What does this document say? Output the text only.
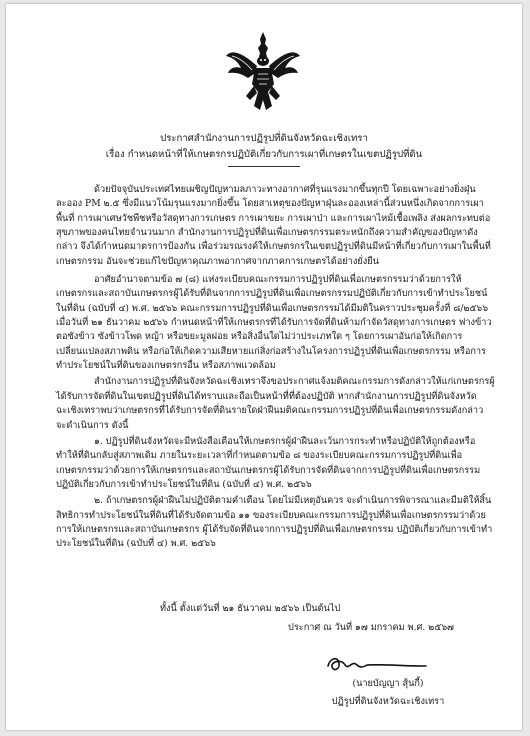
ประกาศสำนักงานการปฏิรูปที่ดินจังหวัดฉะเชิงเทรา
เรื่อง กำหนดหน้าที่ให้เกษตรกรปฏิบัติเกี่ยวกับการเผาที่เกษตรในเขตปฏิรูปที่ดิน

ด้วยปัจจุบันประเทศไทยเผชิญปัญหามลภาวะทางอากาศที่รุนแรงมากขึ้นทุกปี โดยเฉพาะอย่างยิ่งฝุ่นละออง PM ๒.๕ ซึ่งมีแนวโน้มรุนแรงมากยิ่งขึ้น โดยสาเหตุของปัญหาฝุ่นละอองเหล่านี้ส่วนหนึ่งเกิดจากการเผาพื้นที่ การเผาเศษวัชพืชหรือวัสดุทางการเกษตร การเผาขยะ การเผาป่า และการเผาไหม้เชื้อเพลิง ส่งผลกระทบต่อสุขภาพของคนไทยจำนวนมาก สำนักงานการปฏิรูปที่ดินเพื่อเกษตรกรรมตระหนักถึงความสำคัญของปัญหาดังกล่าว จึงได้กำหนดมาตรการป้องกัน เพื่อร่วมรณรงค์ให้เกษตรกรในเขตปฏิรูปที่ดินมีหน้าที่เกี่ยวกับการเผาในพื้นที่เกษตรกรรม อันจะช่วยแก้ไขปัญหาคุณภาพอากาศจากภาคการเกษตรได้อย่างยั่งยืน

อาศัยอำนาจตามข้อ ๗ (๘) แห่งระเบียบคณะกรรมการปฏิรูปที่ดินเพื่อเกษตรกรรมว่าด้วยการให้เกษตรกรและสถาบันเกษตรกรผู้ได้รับที่ดินจากการปฏิรูปที่ดินเพื่อเกษตรกรรมปฏิบัติเกี่ยวกับการเข้าทำประโยชน์ในที่ดิน (ฉบับที่ ๔) พ.ศ. ๒๕๖๖ คณะกรรมการปฏิรูปที่ดินเพื่อเกษตรกรรมได้มีมติในคราวประชุมครั้งที่ ๘/๒๕๖๖ เมื่อวันที่ ๒๑ ธันวาคม ๒๕๖๖ กำหนดหน้าที่ให้เกษตรกรที่ได้รับการจัดที่ดินห้ามกำจัดวัสดุทางการเกษตร ฟางข้าว ตอซังข้าว ซังข้าวโพด หญ้า หรือขยะมูลฝอย หรือสิ่งอื่นใดไม่ว่าประเภทใด ๆ โดยการเผาอันก่อให้เกิดการเปลี่ยนแปลงสภาพดิน หรือก่อให้เกิดความเสียหายแก่สิ่งก่อสร้างในโครงการปฏิรูปที่ดินเพื่อเกษตรกรรม หรือการทำประโยชน์ในที่ดินของเกษตรกรอื่น หรือสภาพแวดล้อม

สำนักงานการปฏิรูปที่ดินจังหวัดฉะเชิงเทราจึงขอประกาศแจ้งมติคณะกรรมการดังกล่าวให้แก่เกษตรกรผู้ได้รับการจัดที่ดินในเขตปฏิรูปที่ดินได้ทราบและถือเป็นหน้าที่ที่ต้องปฏิบัติ หากสำนักงานการปฏิรูปที่ดินจังหวัดฉะเชิงเทราพบว่าเกษตรกรที่ได้รับการจัดที่ดินรายใดฝ่าฝืนมติคณะกรรมการปฏิรูปที่ดินเพื่อเกษตรกรรมดังกล่าว จะดำเนินการ ดังนี้

๑. ปฏิรูปที่ดินจังหวัดจะมีหนังสือเตือนให้เกษตรกรผู้ฝ่าฝืนละเว้นการกระทำหรือปฏิบัติให้ถูกต้องหรือทำให้ที่ดินกลับสู่สภาพเดิม ภายในระยะเวลาที่กำหนดตามข้อ ๘ ของระเบียบคณะกรรมการปฏิรูปที่ดินเพื่อเกษตรกรรมว่าด้วยการให้เกษตรกรและสถาบันเกษตรกรผู้ได้รับการจัดที่ดินจากการปฏิรูปที่ดินเพื่อเกษตรกรรมปฏิบัติเกี่ยวกับการเข้าทำประโยชน์ในที่ดิน (ฉบับที่ ๔) พ.ศ. ๒๕๖๖

๒. ถ้าเกษตรกรผู้ฝ่าฝืนไม่ปฏิบัติตามคำเตือน โดยไม่มีเหตุอันควร จะดำเนินการพิจารณาและมีมติให้สิ้นสิทธิการทำประโยชน์ในที่ดินที่ได้รับจัดตามข้อ ๑๑ ของระเบียบคณะกรรมการปฏิรูปที่ดินเพื่อเกษตรกรรมว่าด้วยการให้เกษตรกรและสถาบันเกษตรกร ผู้ได้รับจัดที่ดินจากการปฏิรูปที่ดินเพื่อเกษตรกรรม ปฏิบัติเกี่ยวกับการเข้าทำประโยชน์ในที่ดิน (ฉบับที่ ๔) พ.ศ. ๒๕๖๖

ทั้งนี้ ตั้งแต่วันที่ ๒๑ ธันวาคม ๒๕๖๖ เป็นต้นไป
ประกาศ ณ วันที่ ๑๗ มกราคม พ.ศ. ๒๕๖๗
(นายบัญญา สุ้นกี้)
ปฏิรูปที่ดินจังหวัดฉะเชิงเทรา
